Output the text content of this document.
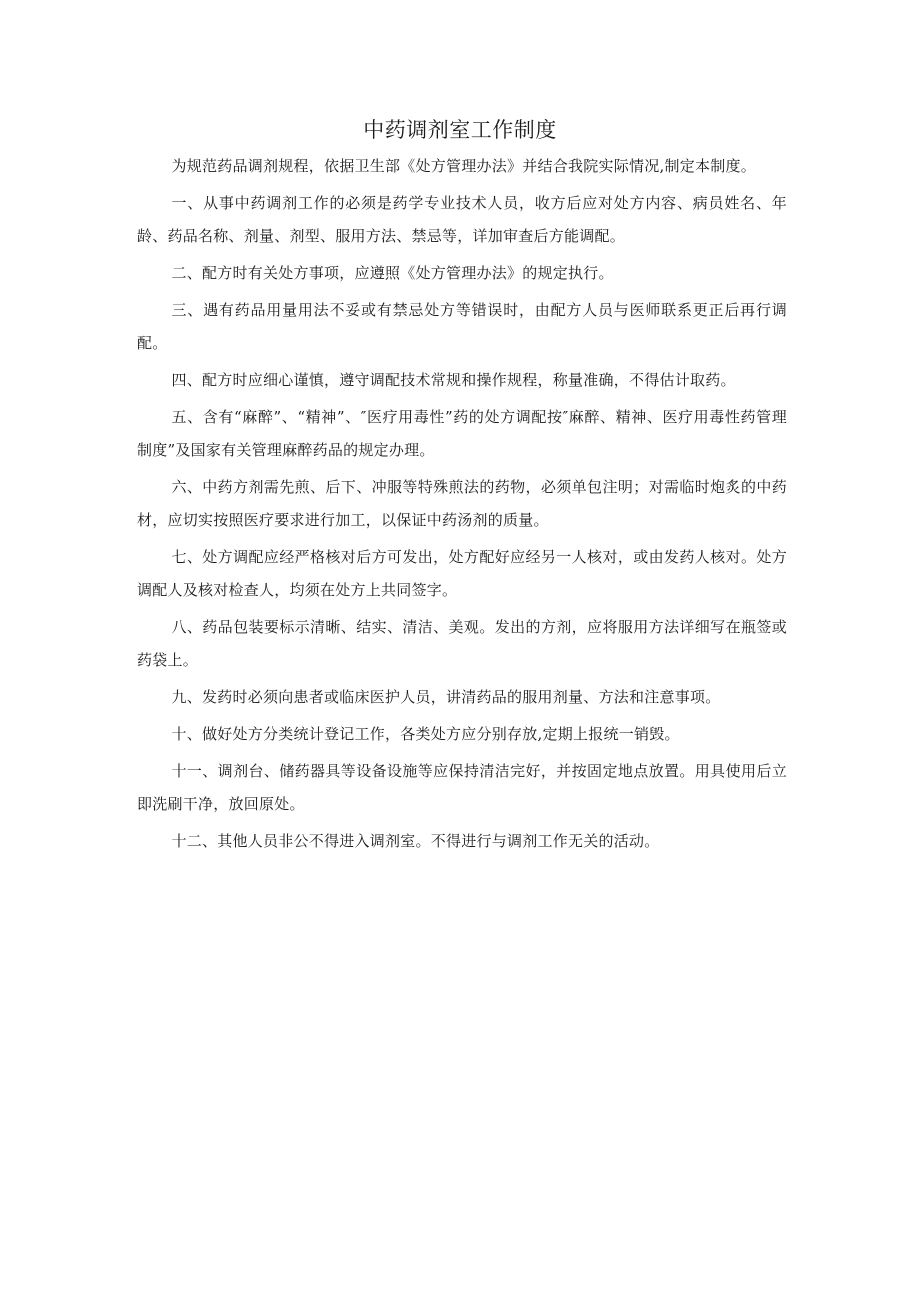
中药调剂室工作制度

为规范药品调剂规程，依据卫生部《处方管理办法》并结合我院实际情况,制定本制度。

一、从事中药调剂工作的必须是药学专业技术人员，收方后应对处方内容、病员姓名、年龄、药品名称、剂量、剂型、服用方法、禁忌等，详加审查后方能调配。

二、配方时有关处方事项，应遵照《处方管理办法》的规定执行。

三、遇有药品用量用法不妥或有禁忌处方等错误时，由配方人员与医师联系更正后再行调配。

四、配方时应细心谨慎，遵守调配技术常规和操作规程，称量准确，不得估计取药。

五、含有“麻醉”、“精神”、″医疗用毒性”药的处方调配按″麻醉、精神、医疗用毒性药管理制度”及国家有关管理麻醉药品的规定办理。

六、中药方剂需先煎、后下、冲服等特殊煎法的药物，必须单包注明；对需临时炮炙的中药材，应切实按照医疗要求进行加工，以保证中药汤剂的质量。

七、处方调配应经严格核对后方可发出，处方配好应经另一人核对，或由发药人核对。处方调配人及核对检查人，均须在处方上共同签字。

八、药品包装要标示清晰、结实、清洁、美观。发出的方剂，应将服用方法详细写在瓶签或药袋上。

九、发药时必须向患者或临床医护人员，讲清药品的服用剂量、方法和注意事项。

十、做好处方分类统计登记工作，各类处方应分别存放,定期上报统一销毁。

十一、调剂台、储药器具等设备设施等应保持清洁完好，并按固定地点放置。用具使用后立即洗刷干净，放回原处。

十二、其他人员非公不得进入调剂室。不得进行与调剂工作无关的活动。
